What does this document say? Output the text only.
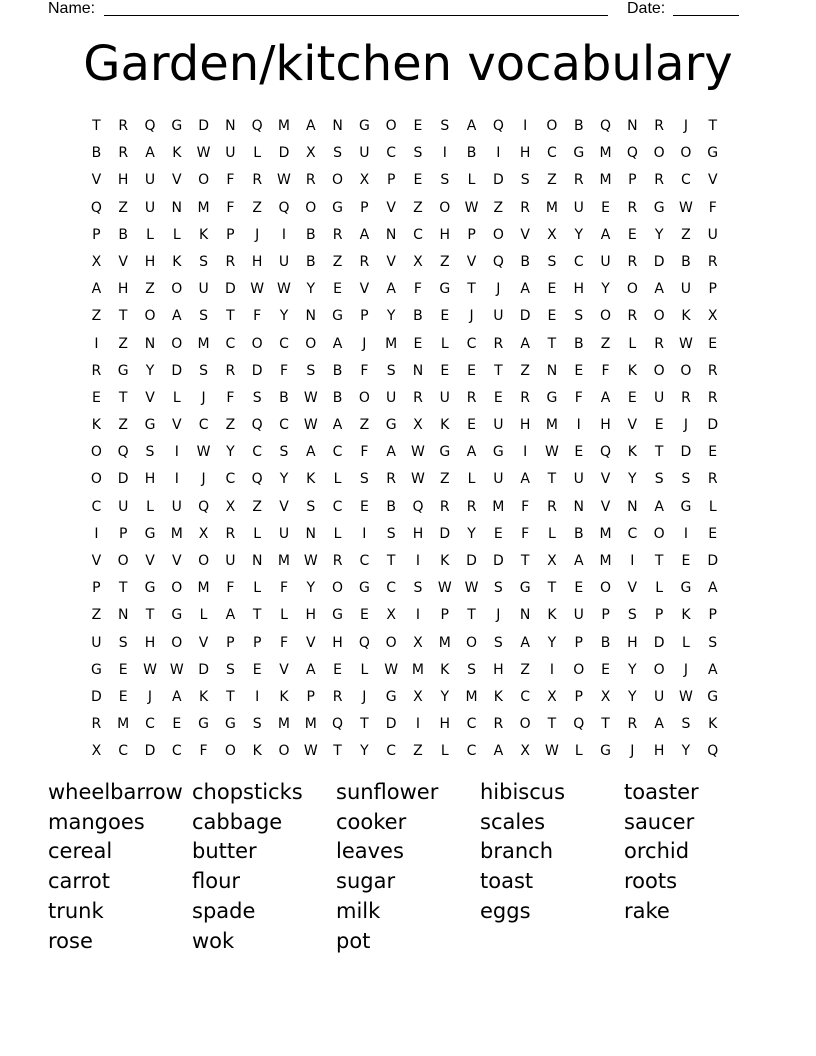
Name:	Date:
Garden/kitchen vocabulary
T R Q G D N Q M A N G O E S A Q I O B Q N R J T
B R A K W U L D X S U C S I B I H C G M Q O O G
V H U V O F R W R O X P E S L D S Z R M P R C V
Q Z U N M F Z Q O G P V Z O W Z R M U E R G W F
P B L L K P J I B R A N C H P O V X Y A E Y Z U
X V H K S R H U B Z R V X Z V Q B S C U R D B R
A H Z O U D W W Y E V A F G T J A E H Y O A U P
Z T O A S T F Y N G P Y B E J U D E S O R O K X
I Z N O M C O C O A J M E L C R A T B Z L R W E
R G Y D S R D F S B F S N E E T Z N E F K O O R
E T V L J F S B W B O U R U R E R G F A E U R R
K Z G V C Z Q C W A Z G X K E U H M I H V E J D
O Q S I W Y C S A C F A W G A G I W E Q K T D E
O D H I J C Q Y K L S R W Z L U A T U V Y S S R
C U L U Q X Z V S C E B Q R R M F R N V N A G L
I P G M X R L U N L I S H D Y E F L B M C O I E
V O V V O U N M W R C T I K D D T X A M I T E D
P T G O M F L F Y O G C S W W S G T E O V L G A
Z N T G L A T L H G E X I P T J N K U P S P K P
U S H O V P P F V H Q O X M O S A Y P B H D L S
G E W W D S E V A E L W M K S H Z I O E Y O J A
D E J A K T I K P R J G X Y M K C X P X Y U W G
R M C E G G S M M Q T D I H C R O T Q T R A S K
X C D C F O K O W T Y C Z L C A X W L G J H Y Q
wheelbarrow
mangoes
cereal
carrot
trunk
rose
chopsticks
cabbage
butter
flour
spade
wok
sunflower
cooker
leaves
sugar
milk
pot
hibiscus
scales
branch
toast
eggs
toaster
saucer
orchid
roots
rake
